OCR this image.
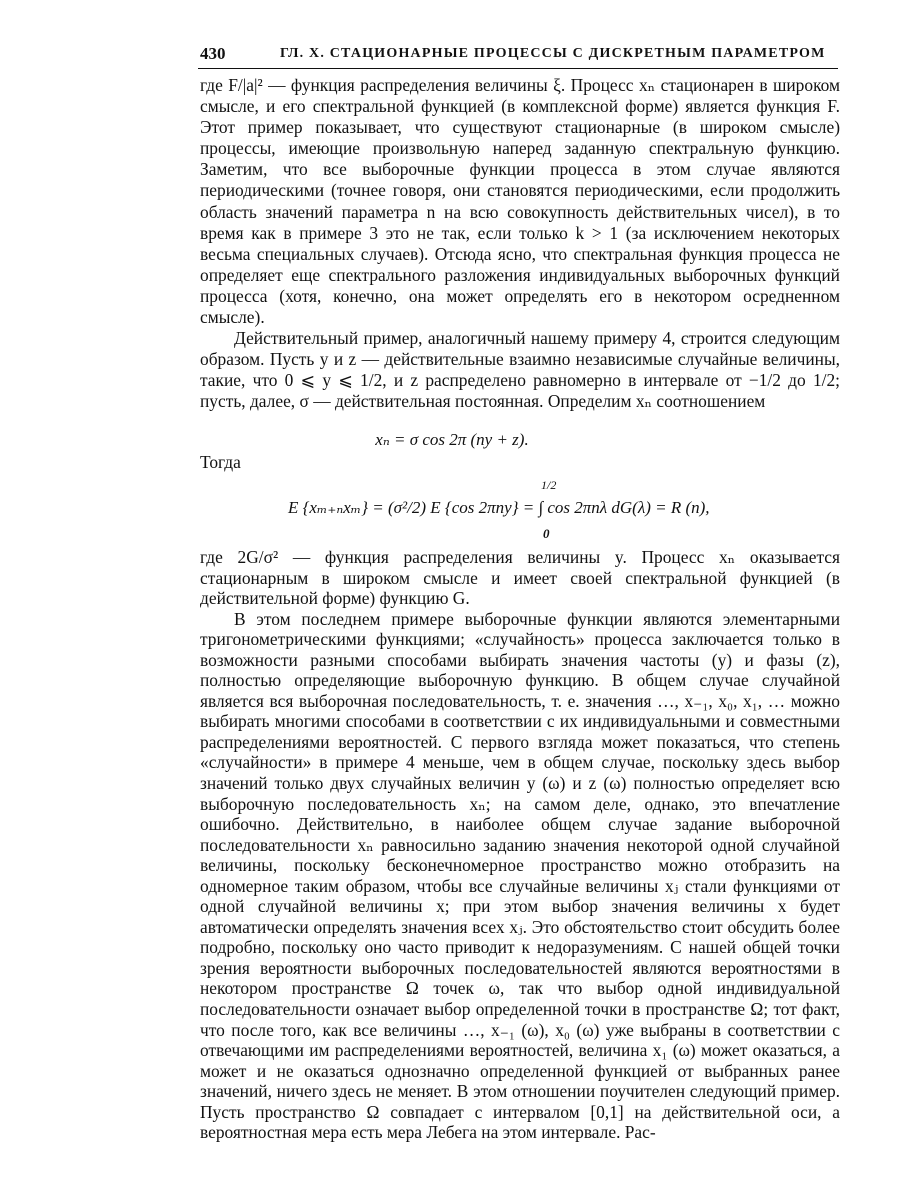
430	ГЛ. X. СТАЦИОНАРНЫЕ ПРОЦЕССЫ С ДИСКРЕТНЫМ ПАРАМЕТРОМ

где F/|a|² — функция распределения величины ξ. Процесс xₙ стационарен в широком смысле, и его спектральной функцией (в комплексной форме) является функция F. Этот пример показывает, что существуют стационарные (в широком смысле) процессы, имеющие произвольную наперед заданную спектральную функцию. Заметим, что все выборочные функции процесса в этом случае являются периодическими (точнее говоря, они становятся периодическими, если продолжить область значений параметра n на всю совокупность действительных чисел), в то время как в примере 3 это не так, если только k > 1 (за исключением некоторых весьма специальных случаев). Отсюда ясно, что спектральная функция процесса не определяет еще спектрального разложения индивидуальных выборочных функций процесса (хотя, конечно, она может определять его в некотором осредненном смысле).

Действительный пример, аналогичный нашему примеру 4, строится следующим образом. Пусть y и z — действительные взаимно независимые случайные величины, такие, что 0 ⩽ y ⩽ 1/2, и z распределено равномерно в интервале от −1/2 до 1/2; пусть, далее, σ — действительная постоянная. Определим xₙ соотношением

xₙ = σ cos 2π (ny + z).
Тогда
1/2
E {xₘ₊ₙxₘ} = (σ²/2) E {cos 2πny} = ∫ cos 2πnλ dG(λ) = R (n),
0

где 2G/σ² — функция распределения величины y. Процесс xₙ оказывается стационарным в широком смысле и имеет своей спектральной функцией (в действительной форме) функцию G.

В этом последнем примере выборочные функции являются элементарными тригонометрическими функциями; «случайность» процесса заключается только в возможности разными способами выбирать значения частоты (y) и фазы (z), полностью определяющие выборочную функцию. В общем случае случайной является вся выборочная последовательность, т. е. значения …, x₋₁, x₀, x₁, … можно выбирать многими способами в соответствии с их индивидуальными и совместными распределениями вероятностей. С первого взгляда может показаться, что степень «случайности» в примере 4 меньше, чем в общем случае, поскольку здесь выбор значений только двух случайных величин y (ω) и z (ω) полностью определяет всю выборочную последовательность xₙ; на самом деле, однако, это впечатление ошибочно. Действительно, в наиболее общем случае задание выборочной последовательности xₙ равносильно заданию значения некоторой одной случайной величины, поскольку бесконечномерное пространство можно отобразить на одномерное таким образом, чтобы все случайные величины xⱼ стали функциями от одной случайной величины x; при этом выбор значения величины x будет автоматически определять значения всех xⱼ. Это обстоятельство стоит обсудить более подробно, поскольку оно часто приводит к недоразумениям. С нашей общей точки зрения вероятности выборочных последовательностей являются вероятностями в некотором пространстве Ω точек ω, так что выбор одной индивидуальной последовательности означает выбор определенной точки в пространстве Ω; тот факт, что после того, как все величины …, x₋₁ (ω), x₀ (ω) уже выбраны в соответствии с отвечающими им распределениями вероятностей, величина x₁ (ω) может оказаться, а может и не оказаться однозначно определенной функцией от выбранных ранее значений, ничего здесь не меняет. В этом отношении поучителен следующий пример. Пусть пространство Ω совпадает с интервалом [0,1] на действительной оси, а вероятностная мера есть мера Лебега на этом интервале. Рас-
